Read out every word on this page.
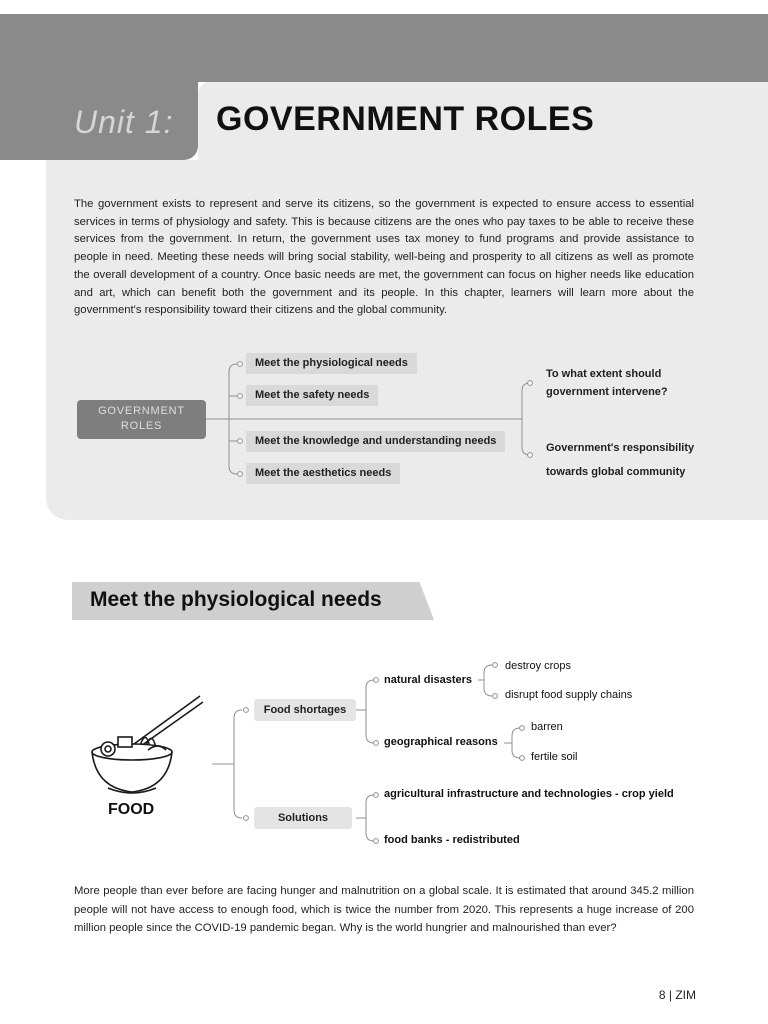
Unit 1: GOVERNMENT ROLES

The government exists to represent and serve its citizens, so the government is expected to ensure access to essential services in terms of physiology and safety. This is because citizens are the ones who pay taxes to be able to receive these services from the government. In return, the government uses tax money to fund programs and provide assistance to people in need. Meeting these needs will bring social stability, well-being and prosperity to all citizens as well as promote the overall development of a country. Once basic needs are met, the government can focus on higher needs like education and art, which can benefit both the government and its people. In this chapter, learners will learn more about the government's responsibility toward their citizens and the global community.

GOVERNMENT ROLES
Meet the physiological needs
Meet the safety needs
Meet the knowledge and understanding needs
Meet the aesthetics needs
To what extent should government intervene?
Government's responsibility towards global community
Meet the physiological needs
FOOD
Food shortages
Solutions
natural disasters
destroy crops
disrupt food supply chains
geographical reasons
barren
fertile soil
agricultural infrastructure and technologies - crop yield
food banks - redistributed

More people than ever before are facing hunger and malnutrition on a global scale. It is estimated that around 345.2 million people will not have access to enough food, which is twice the number from 2020. This represents a huge increase of 200 million people since the COVID-19 pandemic began. Why is the world hungrier and malnourished than ever?

8 | ZIM
